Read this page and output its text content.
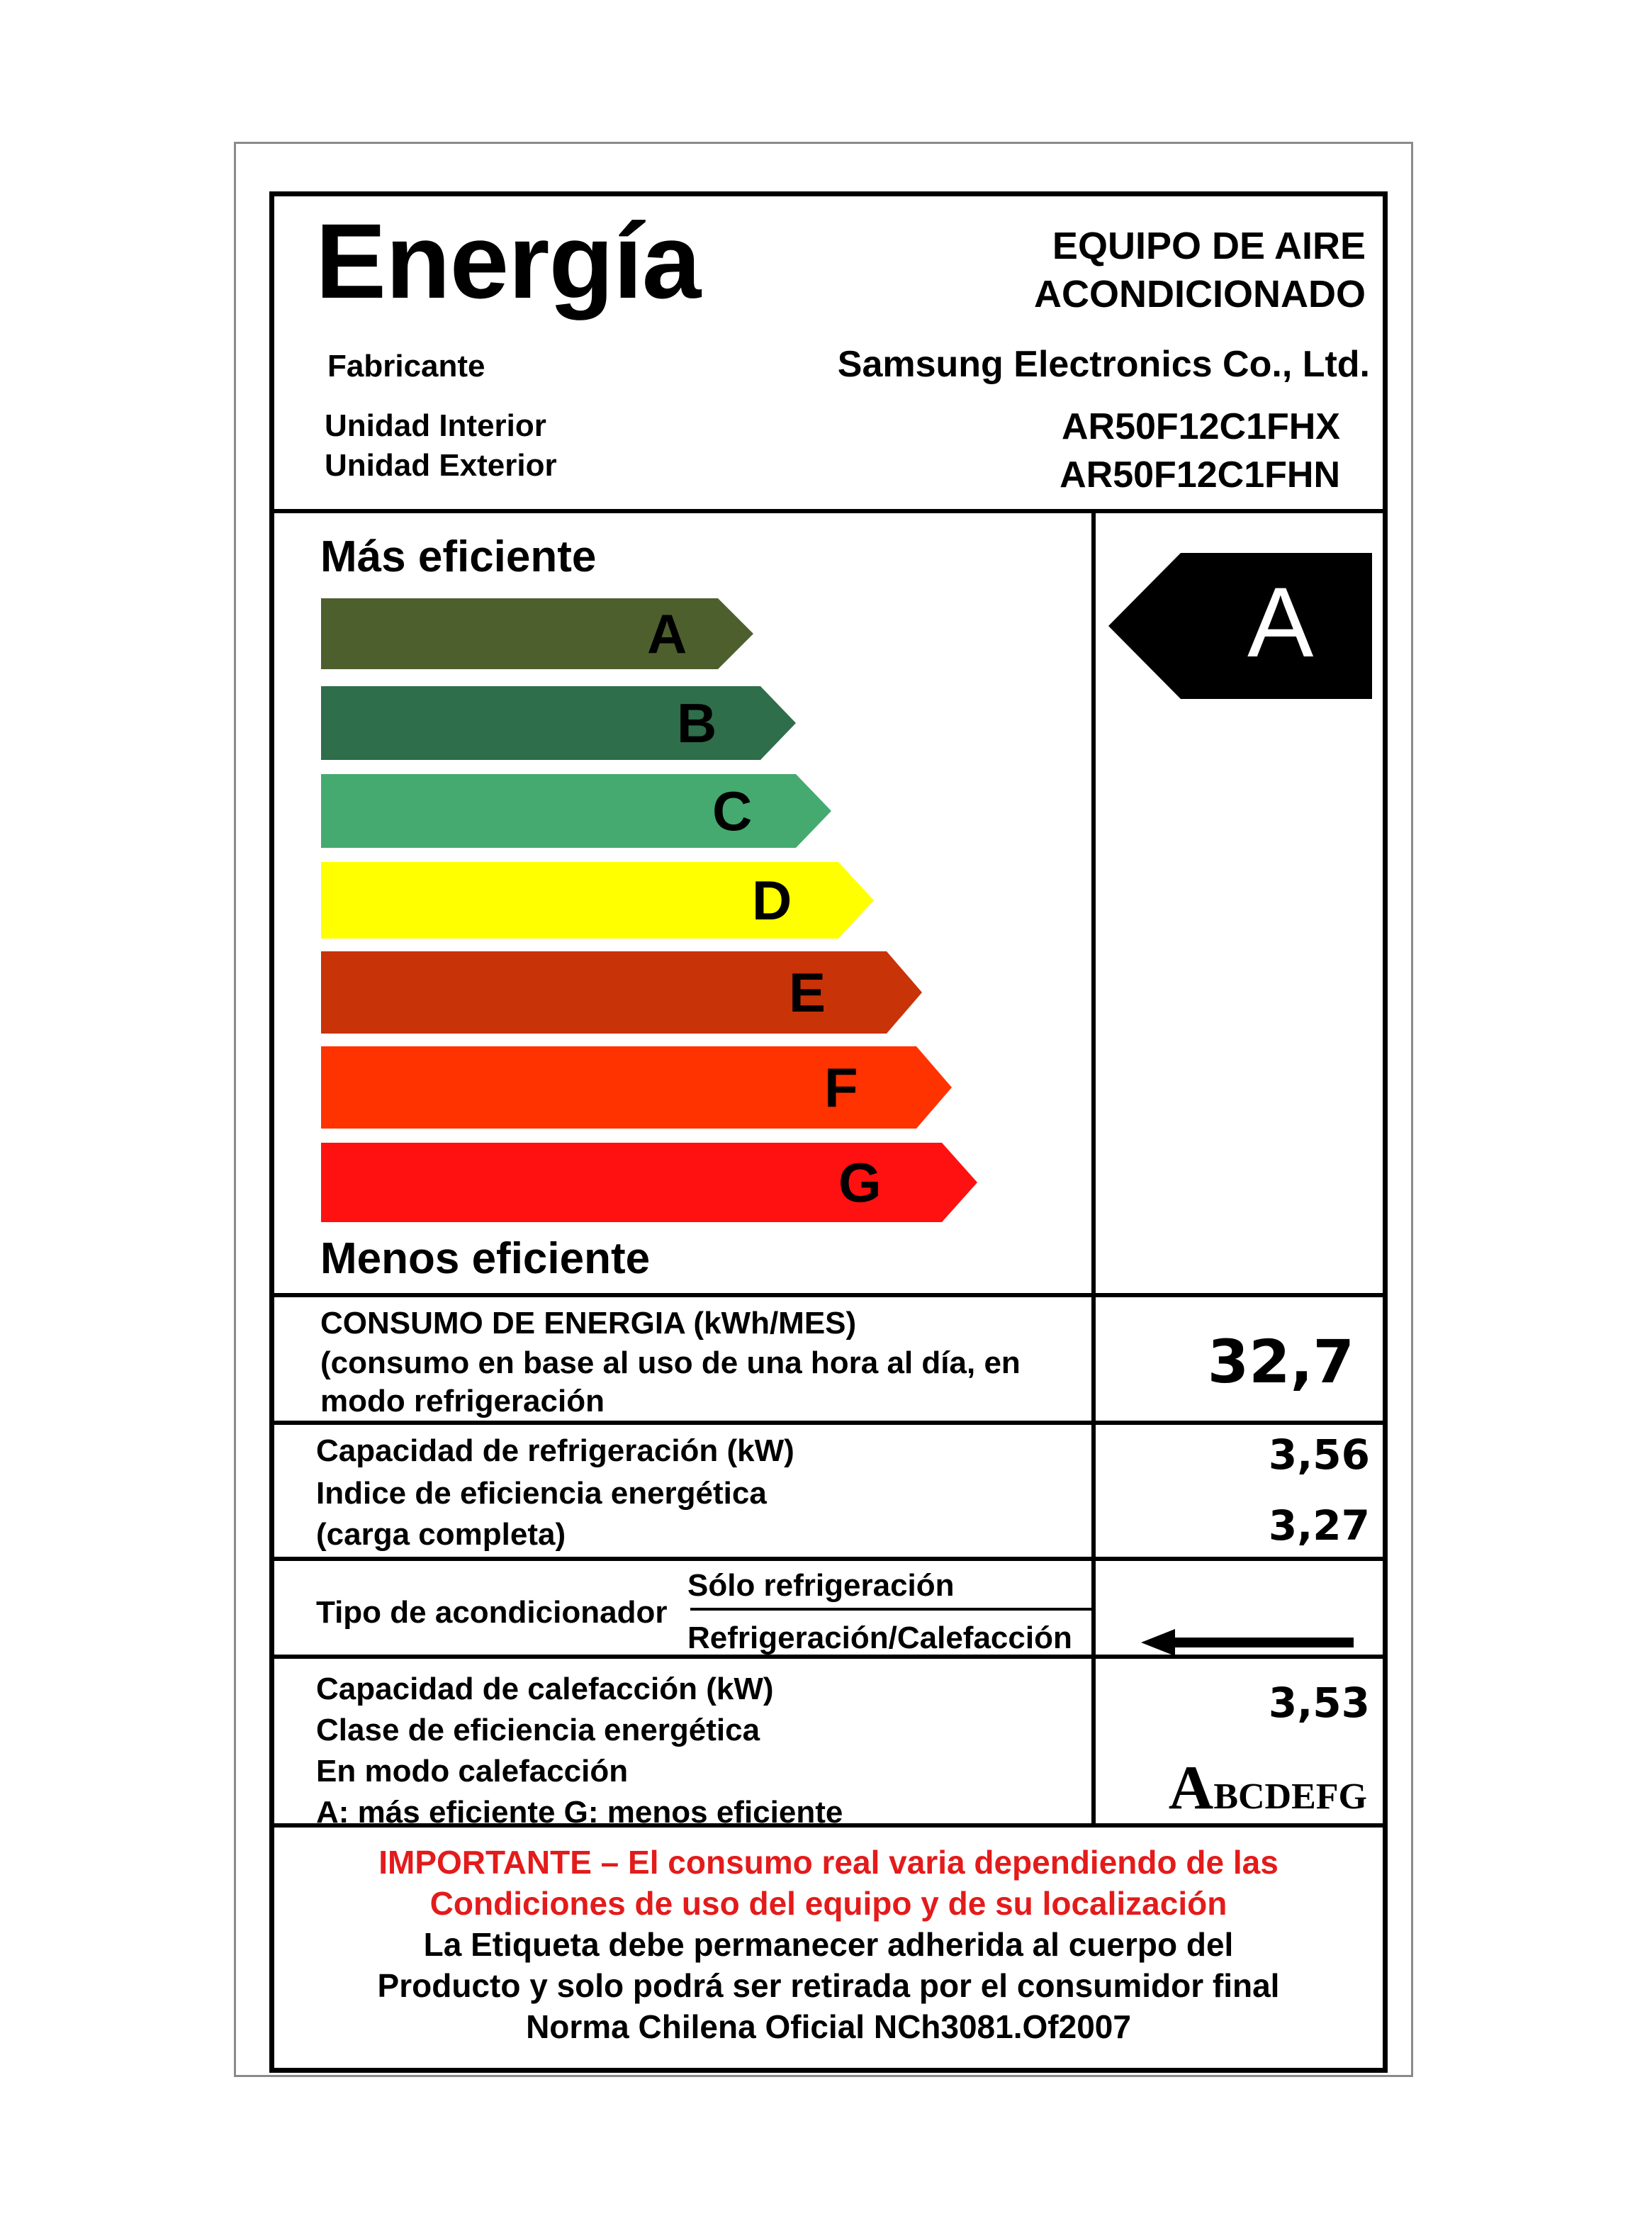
Energía	EQUIPO DE AIRE
ACONDICIONADO
Fabricante	Samsung Electronics Co., Ltd.
Unidad Interior
Unidad Exterior
AR50F12C1FHX
AR50F12C1FHN
Más eficiente
Menos eficiente
A
B
C
D
E
F
G
A
CONSUMO DE ENERGIA (kWh/MES)
(consumo en base al uso de una hora al día, en
modo refrigeración
32,7
Capacidad de refrigeración (kW)
Indice de eficiencia energética
(carga completa)
3,56
3,27
Tipo de acondicionador
Sólo refrigeración
Refrigeración/Calefacción
Capacidad de calefacción (kW)
Clase de eficiencia energética
En modo calefacción
A: más eficiente G: menos eficiente
3,53
ABCDEFG
IMPORTANTE – El consumo real varia dependiendo de las
Condiciones de uso del equipo y de su localización
La Etiqueta debe permanecer adherida al cuerpo del
Producto y solo podrá ser retirada por el consumidor final
Norma Chilena Oficial NCh3081.Of2007
